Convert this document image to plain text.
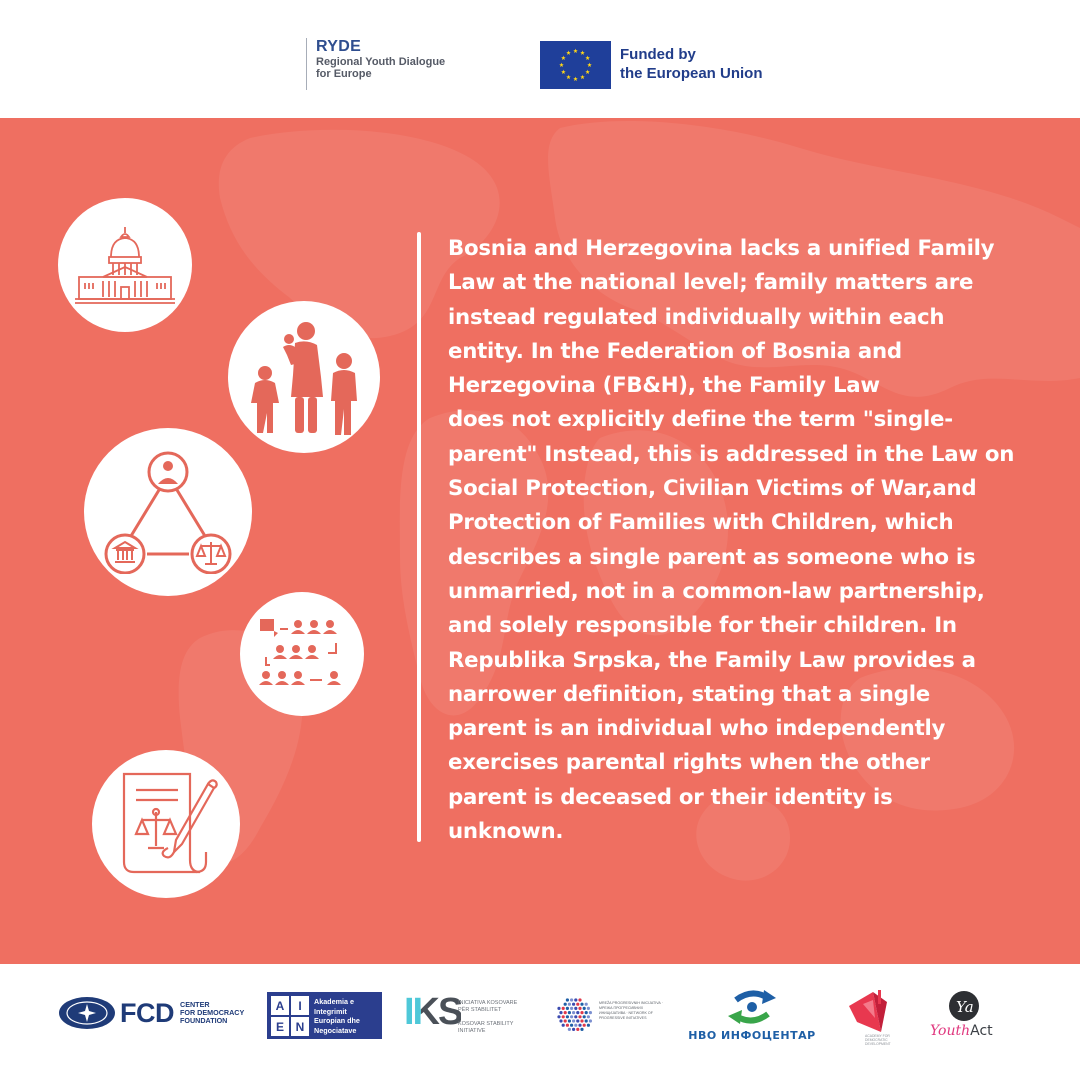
RYDE
Regional Youth Dialogue
for Europe
Funded by
the European Union
Bosnia and Herzegovina lacks a unified Family
Law at the national level; family matters are
instead regulated individually within each
entity. In the Federation of Bosnia and
Herzegovina (FB&H), the Family Law
does not explicitly define the term "single-
parent" Instead, this is addressed in the Law on
Social Protection, Civilian Victims of War,and
Protection of Families with Children, which
describes a single parent as someone who is
unmarried, not in a common-law partnership,
and solely responsible for their children. In
Republika Srpska, the Family Law provides a
narrower definition, stating that a single
parent is an individual who independently
exercises parental rights when the other
parent is deceased or their identity is
unknown.
FCD CENTER
FOR DEMOCRACY
FOUNDATION
A	I
E N
Akademia e
Integrimit
Europian dhe
Negociatave	IKS
INICIATIVA KOSOVARE
PËR STABILITET
KOSOVAR STABILITY
INITIATIVE
MREŽA PROGRESIVNIH INICIJATIVA · МРЕЖА ПРОГРЕСИВНИХ ИНИЦИЈАТИВА · NETWORK OF PROGRESSIVE INITIATIVES
НВО ИНФОЦЕНТАР	ACADEMY FOR DEMOCRATIC DEVELOPMENT
Ya
YouthAct
